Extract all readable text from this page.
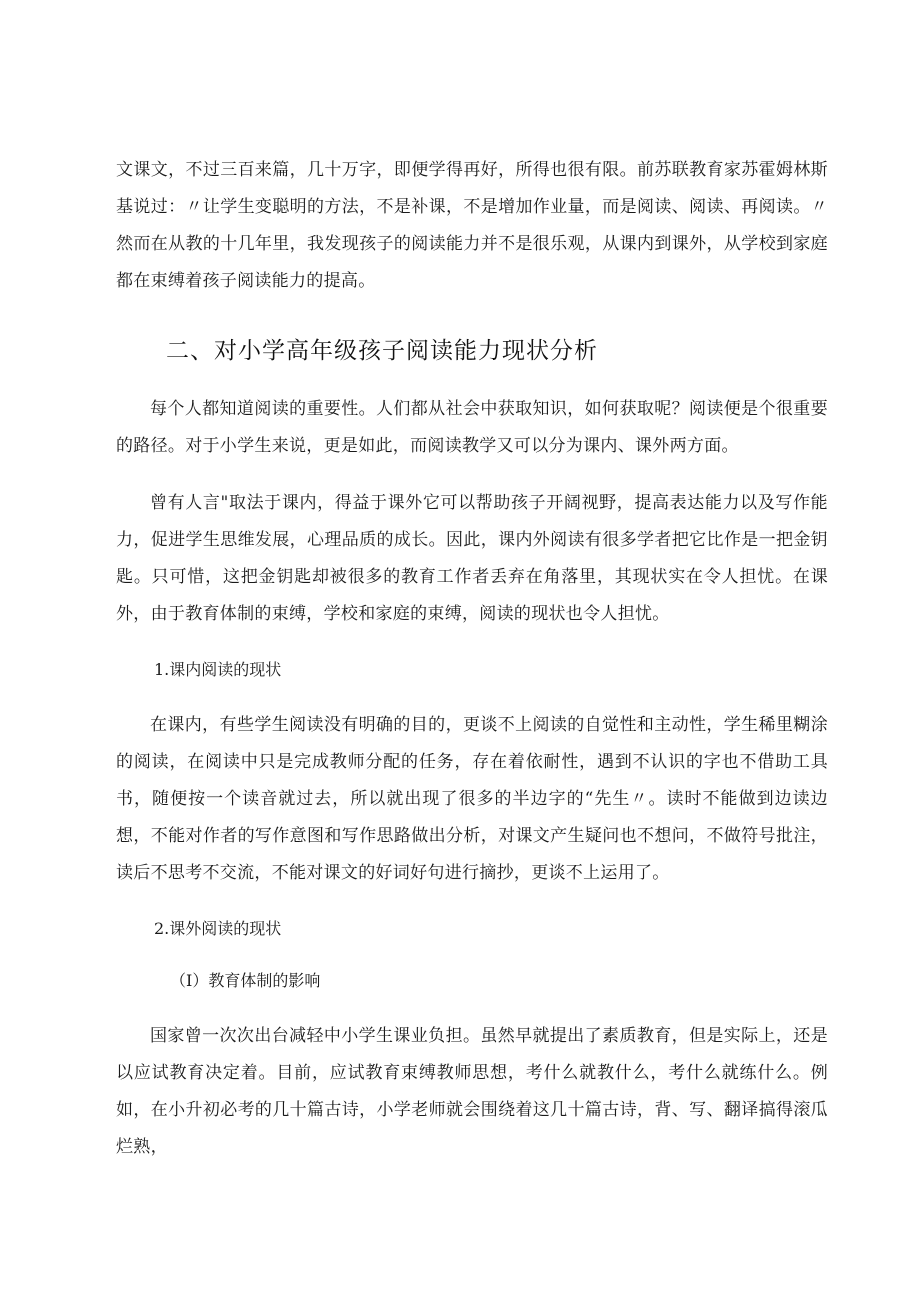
文课文，不过三百来篇，几十万字，即便学得再好，所得也很有限。前苏联教育家苏霍姆林斯基说过：〃让学生变聪明的方法，不是补课，不是增加作业量，而是阅读、阅读、再阅读。〃然而在从教的十几年里，我发现孩子的阅读能力并不是很乐观，从课内到课外，从学校到家庭都在束缚着孩子阅读能力的提高。

二、对小学高年级孩子阅读能力现状分析

每个人都知道阅读的重要性。人们都从社会中获取知识，如何获取呢？阅读便是个很重要的路径。对于小学生来说，更是如此，而阅读教学又可以分为课内、课外两方面。

曾有人言"取法于课内，得益于课外它可以帮助孩子开阔视野，提高表达能力以及写作能力，促进学生思维发展，心理品质的成长。因此，课内外阅读有很多学者把它比作是一把金钥匙。只可惜，这把金钥匙却被很多的教育工作者丢弃在角落里，其现状实在令人担忧。在课外，由于教育体制的束缚，学校和家庭的束缚，阅读的现状也令人担忧。

1.课内阅读的现状

在课内，有些学生阅读没有明确的目的，更谈不上阅读的自觉性和主动性，学生稀里糊涂的阅读，在阅读中只是完成教师分配的任务，存在着依耐性，遇到不认识的字也不借助工具书，随便按一个读音就过去，所以就出现了很多的半边字的“先生〃。读时不能做到边读边想，不能对作者的写作意图和写作思路做出分析，对课文产生疑问也不想问，不做符号批注，读后不思考不交流，不能对课文的好词好句进行摘抄，更谈不上运用了。

2.课外阅读的现状
（I）教育体制的影响

国家曾一次次出台减轻中小学生课业负担。虽然早就提出了素质教育，但是实际上，还是以应试教育决定着。目前，应试教育束缚教师思想，考什么就教什么，考什么就练什么。例如，在小升初必考的几十篇古诗，小学老师就会围绕着这几十篇古诗，背、写、翻译搞得滚瓜烂熟，
